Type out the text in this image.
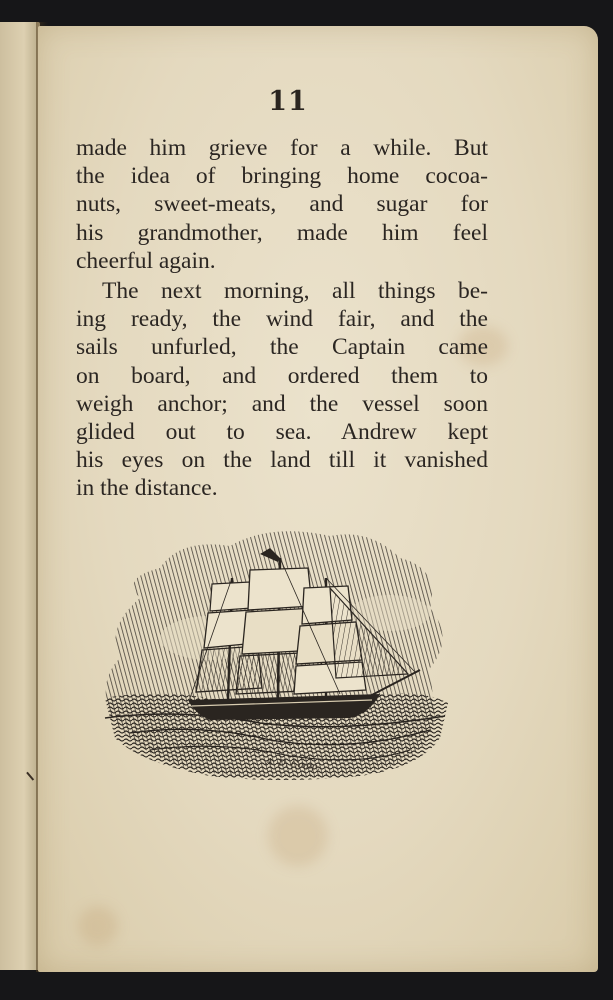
11

made him grieve for a while. But
the idea of bringing home cocoa-
nuts, sweet-meats, and sugar for
his grandmother, made him feel
cheerful again.

The next morning, all things be-
ing ready, the wind fair, and the
sails unfurled, the Captain came
on board, and ordered them to
weigh anchor; and the vessel soon
glided out to sea. Andrew kept
his eyes on the land till it vanished
in the distance.

A. D. Comp.
